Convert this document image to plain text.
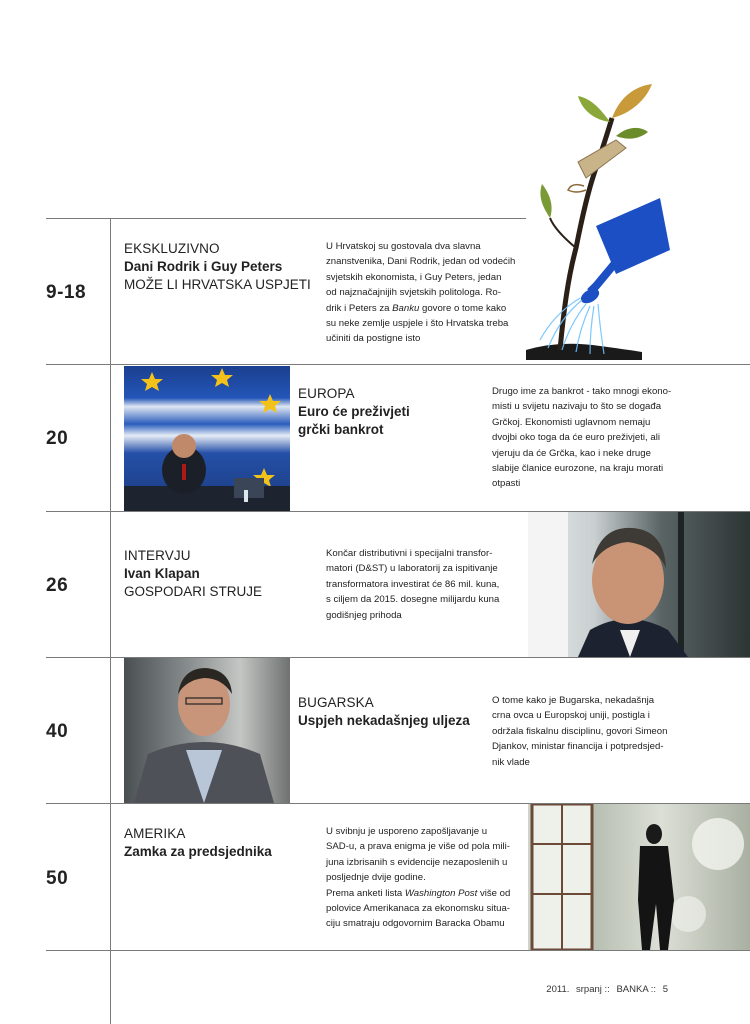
9-18
EKSKLUZIVNO
Dani Rodrik i Guy Peters
MOŽE LI HRVATSKA USPJETI
U Hrvatskoj su gostovala dva slavna
znanstvenika, Dani Rodrik, jedan od vodećih
svjetskih ekonomista, i Guy Peters, jedan
od najznačajnijih svjetskih politologa. Ro-
drik i Peters za Banku govore o tome kako
su neke zemlje uspjele i što Hrvatska treba
učiniti da postigne isto
20
EUROPA
Euro će preživjeti
grčki bankrot
Drugo ime za bankrot - tako mnogi ekono-
misti u svijetu nazivaju to što se događa
Grčkoj. Ekonomisti uglavnom nemaju
dvojbi oko toga da će euro preživjeti, ali
vjeruju da će Grčka, kao i neke druge
slabije članice eurozone, na kraju morati
otpasti
26
INTERVJU
Ivan Klapan
GOSPODARI STRUJE
Končar distributivni i specijalni transfor-
matori (D&ST) u laboratorij za ispitivanje
transformatora investirat će 86 mil. kuna,
s ciljem da 2015. dosegne milijardu kuna
godišnjeg prihoda
40
BUGARSKA
Uspjeh nekadašnjeg uljeza
O tome kako je Bugarska, nekadašnja
crna ovca u Europskoj uniji, postigla i
održala fiskalnu disciplinu, govori Simeon
Djankov, ministar financija i potpredsjed-
nik vlade
50
AMERIKA
Zamka za predsjednika
U svibnju je usporeno zapošljavanje u
SAD-u, a prava enigma je više od pola mili-
juna izbrisanih s evidencije nezaposlenih u
posljednje dvije godine.
Prema anketi lista Washington Post više od
polovice Amerikanaca za ekonomsku situa-
ciju smatraju odgovornim Baracka Obamu
2011. srpanj :: BANKA :: 5
